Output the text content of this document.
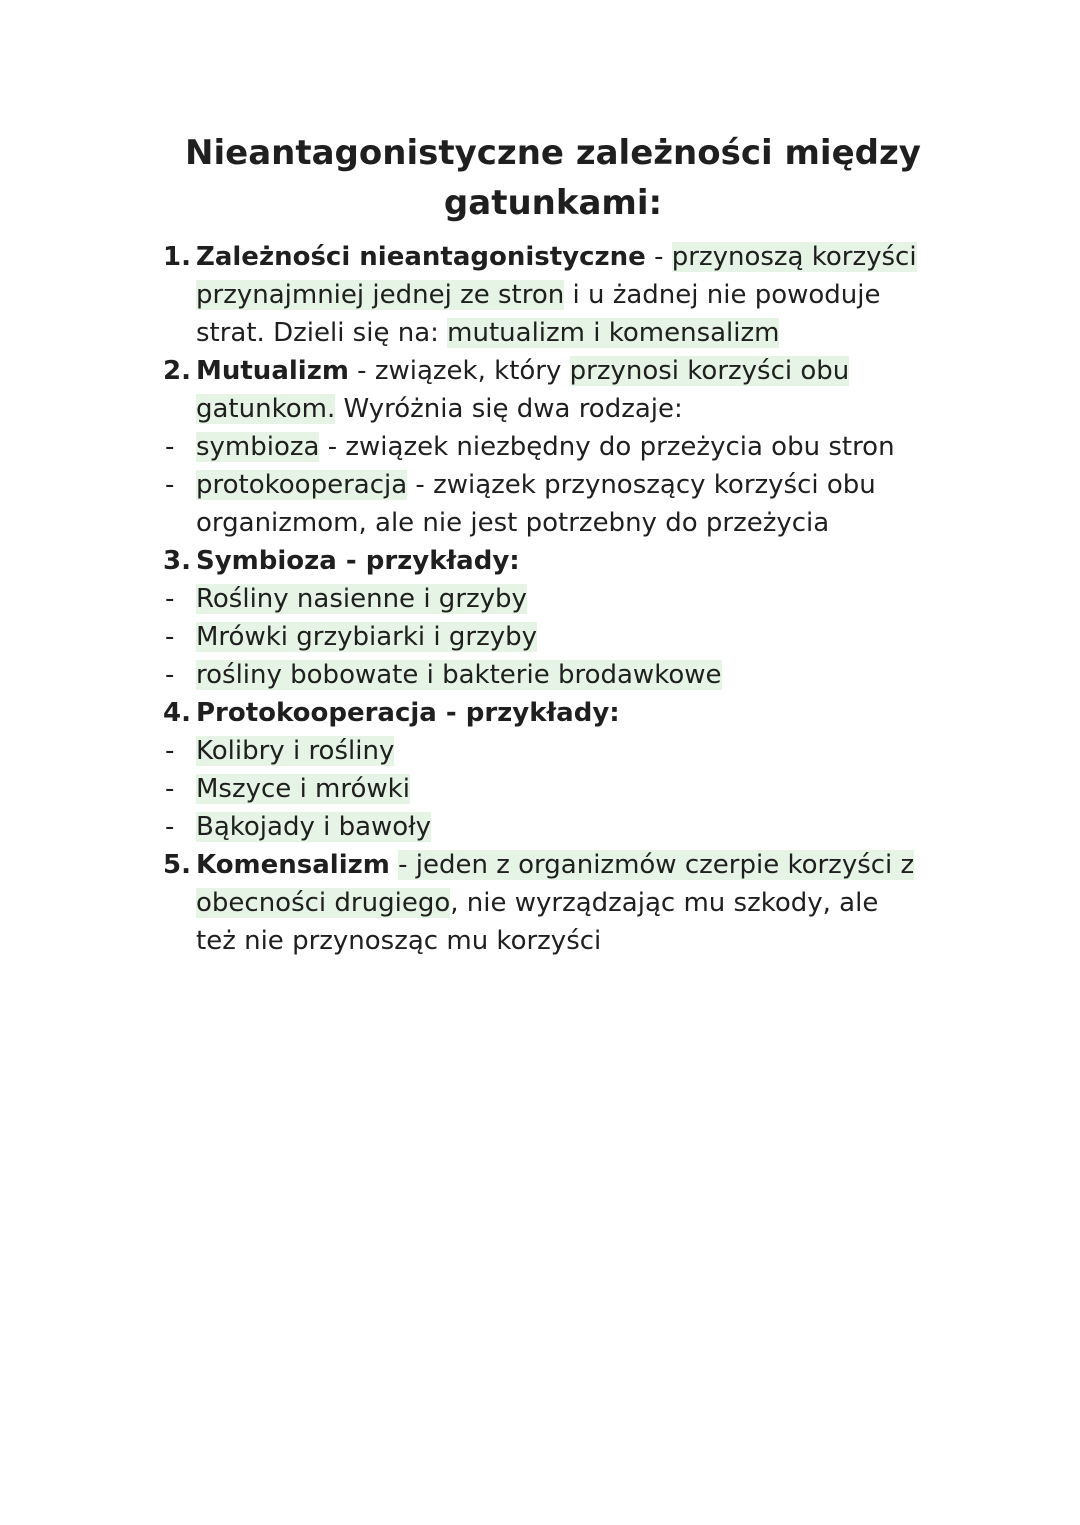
Nieantagonistyczne zależności między
gatunkami:
1. Zależności nieantagonistyczne - przynoszą korzyści
przynajmniej jednej ze stron i u żadnej nie powoduje
strat. Dzieli się na: mutualizm i komensalizm
2. Mutualizm - związek, który przynosi korzyści obu
gatunkom. Wyróżnia się dwa rodzaje:
- symbioza - związek niezbędny do przeżycia obu stron
- protokooperacja - związek przynoszący korzyści obu
organizmom, ale nie jest potrzebny do przeżycia
3. Symbioza - przykłady:
- Rośliny nasienne i grzyby
- Mrówki grzybiarki i grzyby
- rośliny bobowate i bakterie brodawkowe
4. Protokooperacja - przykłady:
- Kolibry i rośliny
- Mszyce i mrówki
- Bąkojady i bawoły
5. Komensalizm - jeden z organizmów czerpie korzyści z
obecności drugiego, nie wyrządzając mu szkody, ale
też nie przynosząc mu korzyści
